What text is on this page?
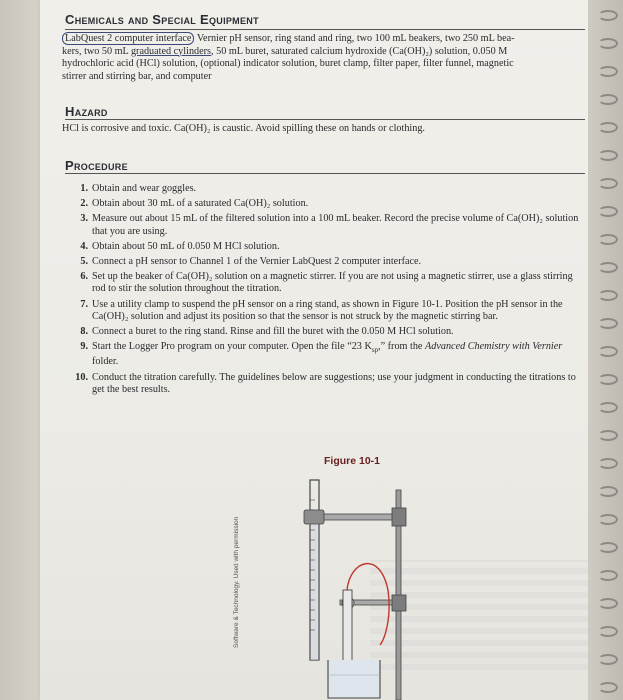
Chemicals and Special Equipment
LabQuest 2 computer interface Vernier pH sensor, ring stand and ring, two 100 mL beakers, two 250 mL bea-
kers, two 50 mL graduated cylinders, 50 mL buret, saturated calcium hydroxide (Ca(OH)₂) solution, 0.050 M
hydrochloric acid (HCl) solution, (optional) indicator solution, buret clamp, filter paper, filter funnel, magnetic
stirrer and stirring bar, and computer
Hazard
HCl is corrosive and toxic. Ca(OH)₂ is caustic. Avoid spilling these on hands or clothing.
Procedure
1. Obtain and wear goggles.
2. Obtain about 30 mL of a saturated Ca(OH)₂ solution.
3. Measure out about 15 mL of the filtered solution into a 100 mL beaker. Record the precise volume of Ca(OH)₂ solution that you are using.
4. Obtain about 50 mL of 0.050 M HCl solution.
5. Connect a pH sensor to Channel 1 of the Vernier LabQuest 2 computer interface.
6. Set up the beaker of Ca(OH)₂ solution on a magnetic stirrer. If you are not using a magnetic stirrer, use a glass stirring rod to stir the solution throughout the titration.
7. Use a utility clamp to suspend the pH sensor on a ring stand, as shown in Figure 10-1. Position the pH sensor in the Ca(OH)₂ solution and adjust its position so that the sensor is not struck by the magnetic stirring bar.
8. Connect a buret to the ring stand. Rinse and fill the buret with the 0.050 M HCl solution.
9. Start the Logger Pro program on your computer. Open the file “23 $K_{sp}$,” from the Advanced Chemistry with Vernier folder.
10. Conduct the titration carefully. The guidelines below are suggestions; use your judgment in conducting the titrations to get the best results.
Figure 10-1
Software & Technology. Used with permission
